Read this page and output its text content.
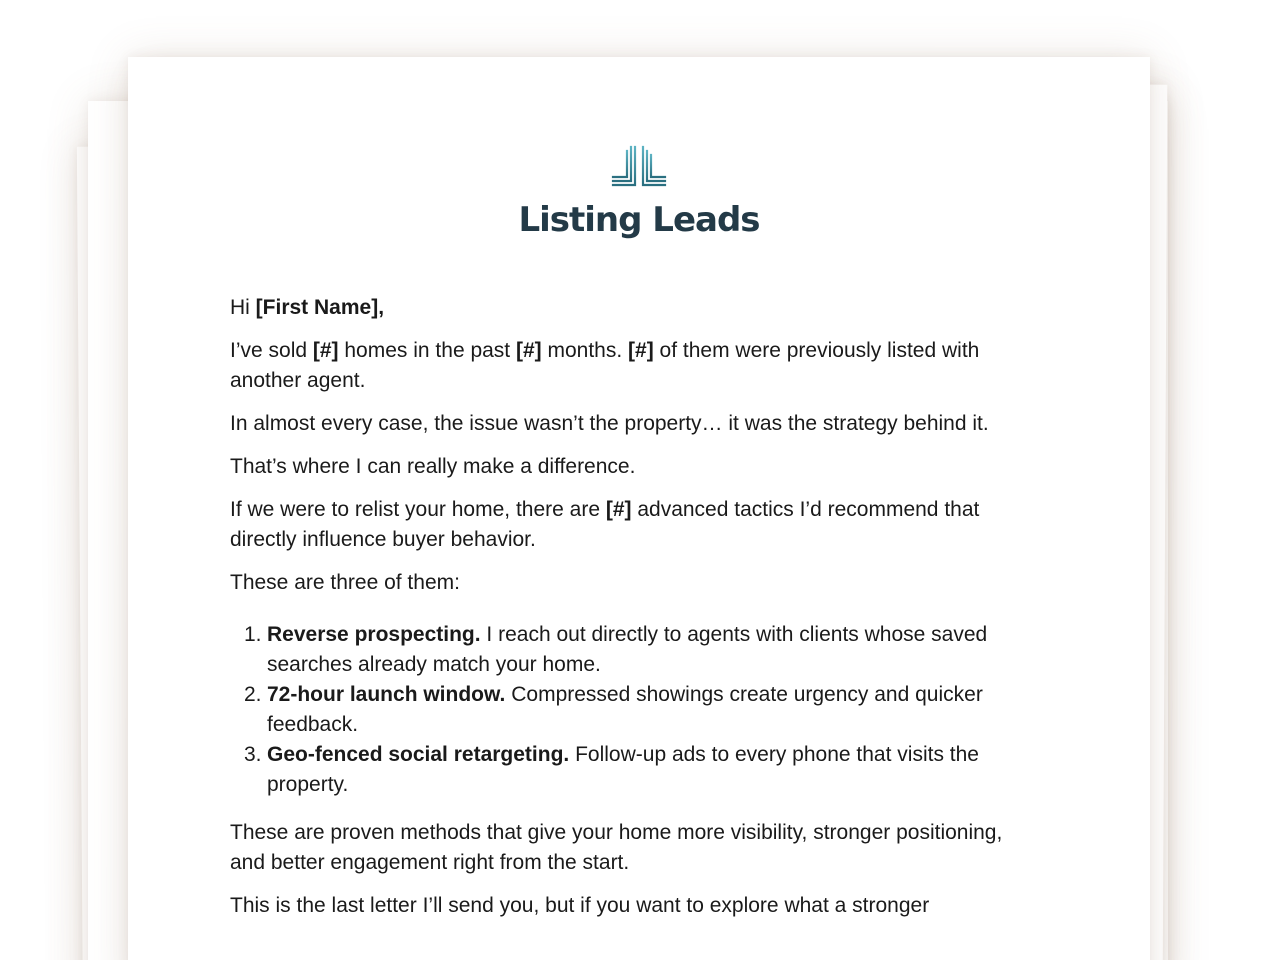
Listing Leads

Hi [First Name],

I’ve sold [#] homes in the past [#] months. [#] of them were previously listed with another agent.

In almost every case, the issue wasn’t the property… it was the strategy behind it.

That’s where I can really make a difference.

If we were to relist your home, there are [#] advanced tactics I’d recommend that directly influence buyer behavior.

These are three of them:

1. Reverse prospecting. I reach out directly to agents with clients whose saved searches already match your home.
2. 72-hour launch window. Compressed showings create urgency and quicker feedback.
3. Geo-fenced social retargeting. Follow-up ads to every phone that visits the property.

These are proven methods that give your home more visibility, stronger positioning, and better engagement right from the start.

This is the last letter I’ll send you, but if you want to explore what a stronger
